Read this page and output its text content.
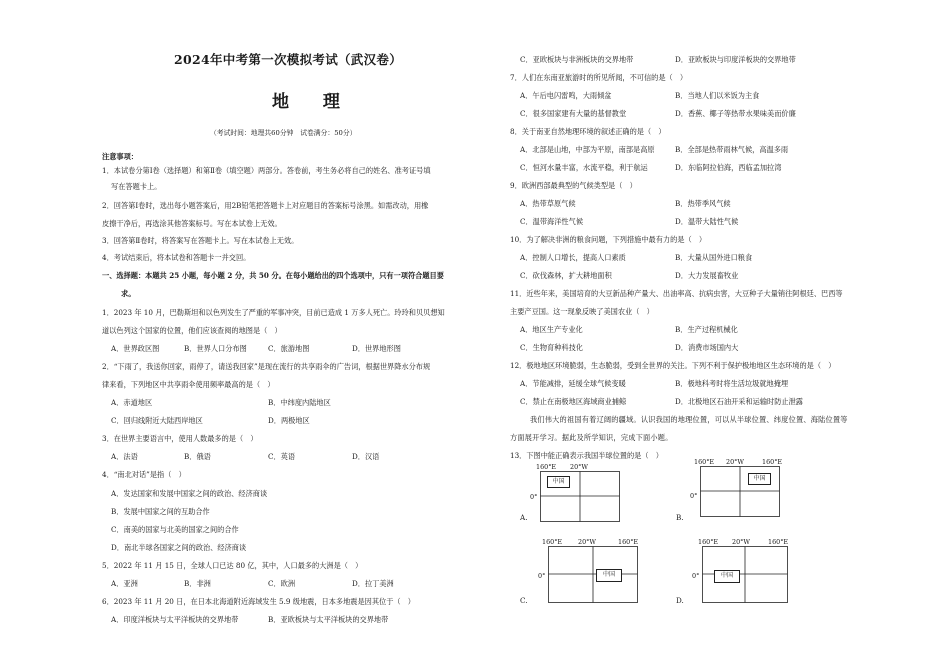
2024年中考第一次模拟考试（武汉卷）
地 理
（考试时间：地理共60分钟　试卷满分：50分）
注意事项：
1．本试卷分第Ⅰ卷（选择题）和第Ⅱ卷（填空题）两部分。答卷前，考生务必将自己的姓名、准考证号填
写在答题卡上。
2．回答第Ⅰ卷时，选出每小题答案后，用2B铅笔把答题卡上对应题目的答案标号涂黑。如需改动，用橡
皮擦干净后，再选涂其他答案标号。写在本试卷上无效。
3．回答第Ⅱ卷时，将答案写在答题卡上。写在本试卷上无效。
4．考试结束后，将本试卷和答题卡一并交回。
一、选择题：本题共 25 小题，每小题 2 分，共 50 分。在每小题给出的四个选项中，只有一项符合题目要
求。
1．2023 年 10 月，巴勒斯坦和以色列发生了严重的军事冲突，目前已造成 1 万多人死亡。玲玲和贝贝想知
道以色列这个国家的位置，他们应该查阅的地图是（　）
A．世界政区图	B．世界人口分布图	C．旅游地图	D．世界地形图
2．“下雨了，我送你回家，雨停了，请送我回家”是现在流行的共享雨伞的广告词，根据世界降水分布规
律来看，下列地区中共享雨伞使用频率最高的是（　）
A．赤道地区	B．中纬度内陆地区
C．回归线附近大陆西岸地区	D．两极地区
3．在世界主要语言中，使用人数最多的是（　）
A．法语	B．俄语	C．英语	D．汉语
4．“南北对话”是指（　）
A．发达国家和发展中国家之间的政治、经济商谈
B．发展中国家之间的互助合作
C．南美的国家与北美的国家之间的合作
D．南北半球各国家之间的政治、经济商谈
5．2022 年 11 月 15 日，全球人口已达 80 亿，其中，人口最多的大洲是（　）
A．亚洲	B．非洲	C．欧洲	D．拉丁美洲
6．2023 年 11 月 20 日，在日本北海道附近海域发生 5.9 级地震，日本多地震是因其位于（　）
A．印度洋板块与太平洋板块的交界地带	B．亚欧板块与太平洋板块的交界地带
C．亚欧板块与非洲板块的交界地带	D．亚欧板块与印度洋板块的交界地带
7．人们在东南亚旅游时的所见所闻，不可信的是（　）
A．午后电闪雷鸣，大雨倾盆	B．当地人们以米饭为主食
C．很多国家建有大量的基督教堂	D．香蕉、椰子等热带水果味美而价廉
8．关于南亚自然地理环境的叙述正确的是（　）
A．北部是山地，中部为平原，南部是高原	B．全部是热带雨林气候，高温多雨
C．恒河水量丰富，水流平稳，利于航运	D．东临阿拉伯海，西临孟加拉湾
9．欧洲西部最典型的气候类型是（　）
A．热带草原气候	B．热带季风气候
C．温带海洋性气候	D．温带大陆性气候
10．为了解决非洲的粮食问题，下列措施中最有力的是（　）
A．控制人口增长，提高人口素质	B．大量从国外进口粮食
C．砍伐森林，扩大耕地面积	D．大力发展畜牧业
11．近些年来，美国培育的大豆新品种产量大、出油率高、抗病虫害，大豆种子大量销往阿根廷、巴西等
主要产豆国。这一现象反映了美国农业（　）
A．地区生产专业化	B．生产过程机械化
C．生物育种科技化	D．消费市场国内大
12．极地地区环境脆弱，生态脆弱，受到全世界的关注。下列不利于保护极地地区生态环境的是（　）
A．节能减排，延缓全球气候变暖	B．极地科考时将生活垃圾就地掩埋
C．禁止在南极地区海域商业捕鲸	D．北极地区石油开采和运输时防止泄露
我们伟大的祖国有着辽阔的疆域。认识我国的地理位置，可以从半球位置、纬度位置、海陆位置等
方面展开学习。据此及所学知识，完成下面小题。
13．下图中能正确表示我国半球位置的是（　）
160°E 20°W
0°
中国
A.
160°E 20°W	160°E
0°
中国
B.
160°E 20°W	160°E
0°	中国
C.
160°E 20°W	160°E
0°	中国
D.
